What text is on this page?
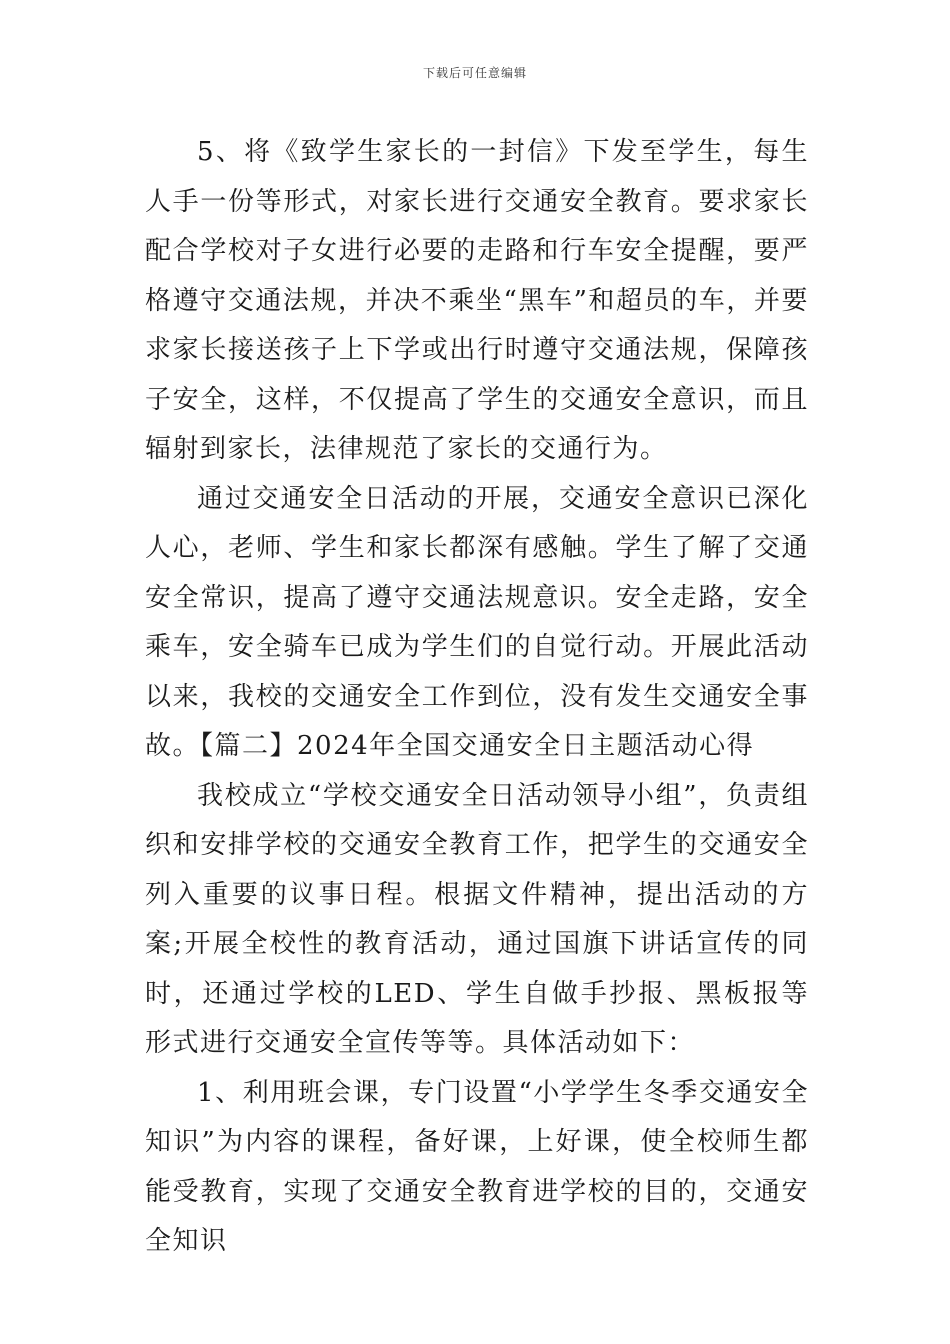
下载后可任意编辑

5、将《致学生家长的一封信》下发至学生，每生人手一份等形式，对家长进行交通安全教育。要求家长配合学校对子女进行必要的走路和行车安全提醒，要严格遵守交通法规，并决不乘坐“黑车”和超员的车，并要求家长接送孩子上下学或出行时遵守交通法规，保障孩子安全，这样，不仅提高了学生的交通安全意识，而且辐射到家长，法律规范了家长的交通行为。

通过交通安全日活动的开展，交通安全意识已深化人心，老师、学生和家长都深有感触。学生了解了交通安全常识，提高了遵守交通法规意识。安全走路，安全乘车，安全骑车已成为学生们的自觉行动。开展此活动以来，我校的交通安全工作到位，没有发生交通安全事故。【篇二】2024年全国交通安全日主题活动心得

我校成立“学校交通安全日活动领导小组”，负责组织和安排学校的交通安全教育工作，把学生的交通安全列入重要的议事日程。根据文件精神，提出活动的方案;开展全校性的教育活动，通过国旗下讲话宣传的同时，还通过学校的LED、学生自做手抄报、黑板报等形式进行交通安全宣传等等。具体活动如下：

1、利用班会课，专门设置“小学学生冬季交通安全知识”为内容的课程，备好课，上好课，使全校师生都能受教育，实现了交通安全教育进学校的目的，交通安全知识
